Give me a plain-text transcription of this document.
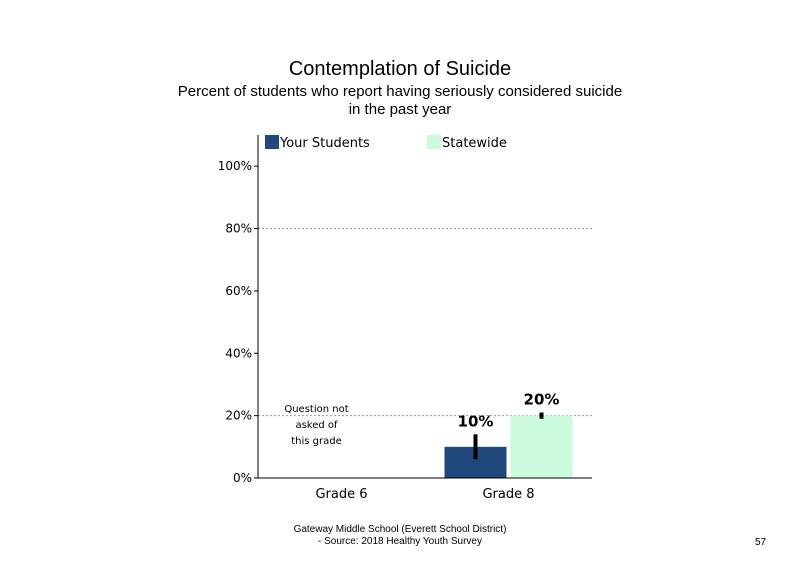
Contemplation of Suicide
Percent of students who report having seriously considered suicide
in the past year
0%
20%
40%
60%
80%
100%
Grade 6	Grade 8
10%
20%
Question not
asked of
this grade
Your Students	Statewide
Gateway Middle School (Everett School District)
- Source: 2018 Healthy Youth Survey	57
